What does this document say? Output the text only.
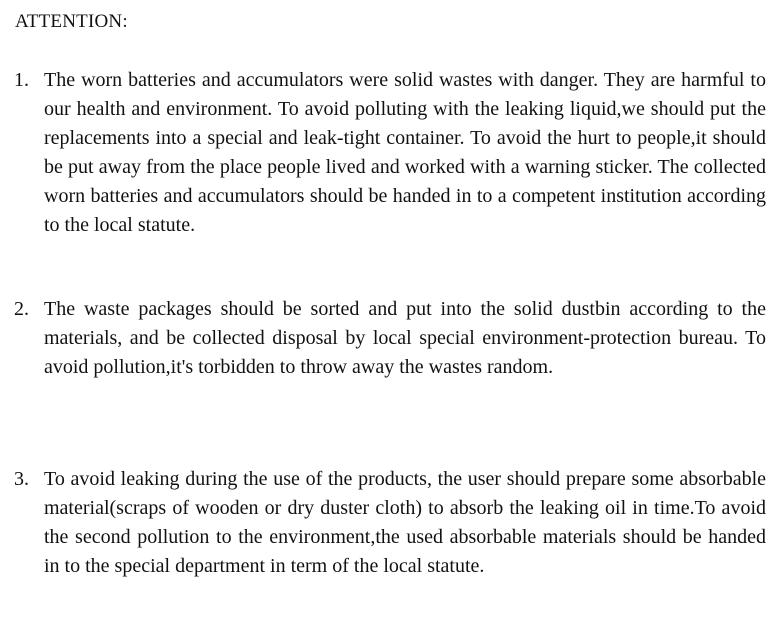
ATTENTION:
1. The worn batteries and accumulators were solid wastes with danger. They are harmful to our health and environment. To avoid polluting with the leaking liquid,we should put the replacements into a special and leak-tight container. To avoid the hurt to people,it should be put away from the place people lived and worked with a warning sticker. The collected worn batteries and accumulators should be handed in to a competent institution according to the local statute.
2. The waste packages should be sorted and put into the solid dustbin according to the materials, and be collected disposal by local special environment-protection bureau. To avoid pollution,it's torbidden to throw away the wastes random.
3. To avoid leaking during the use of the products, the user should prepare some absorbable material(scraps of wooden or dry duster cloth) to absorb the leaking oil in time.To avoid the second pollution to the environment,the used absorbable materials should be handed in to the special department in term of the local statute.
